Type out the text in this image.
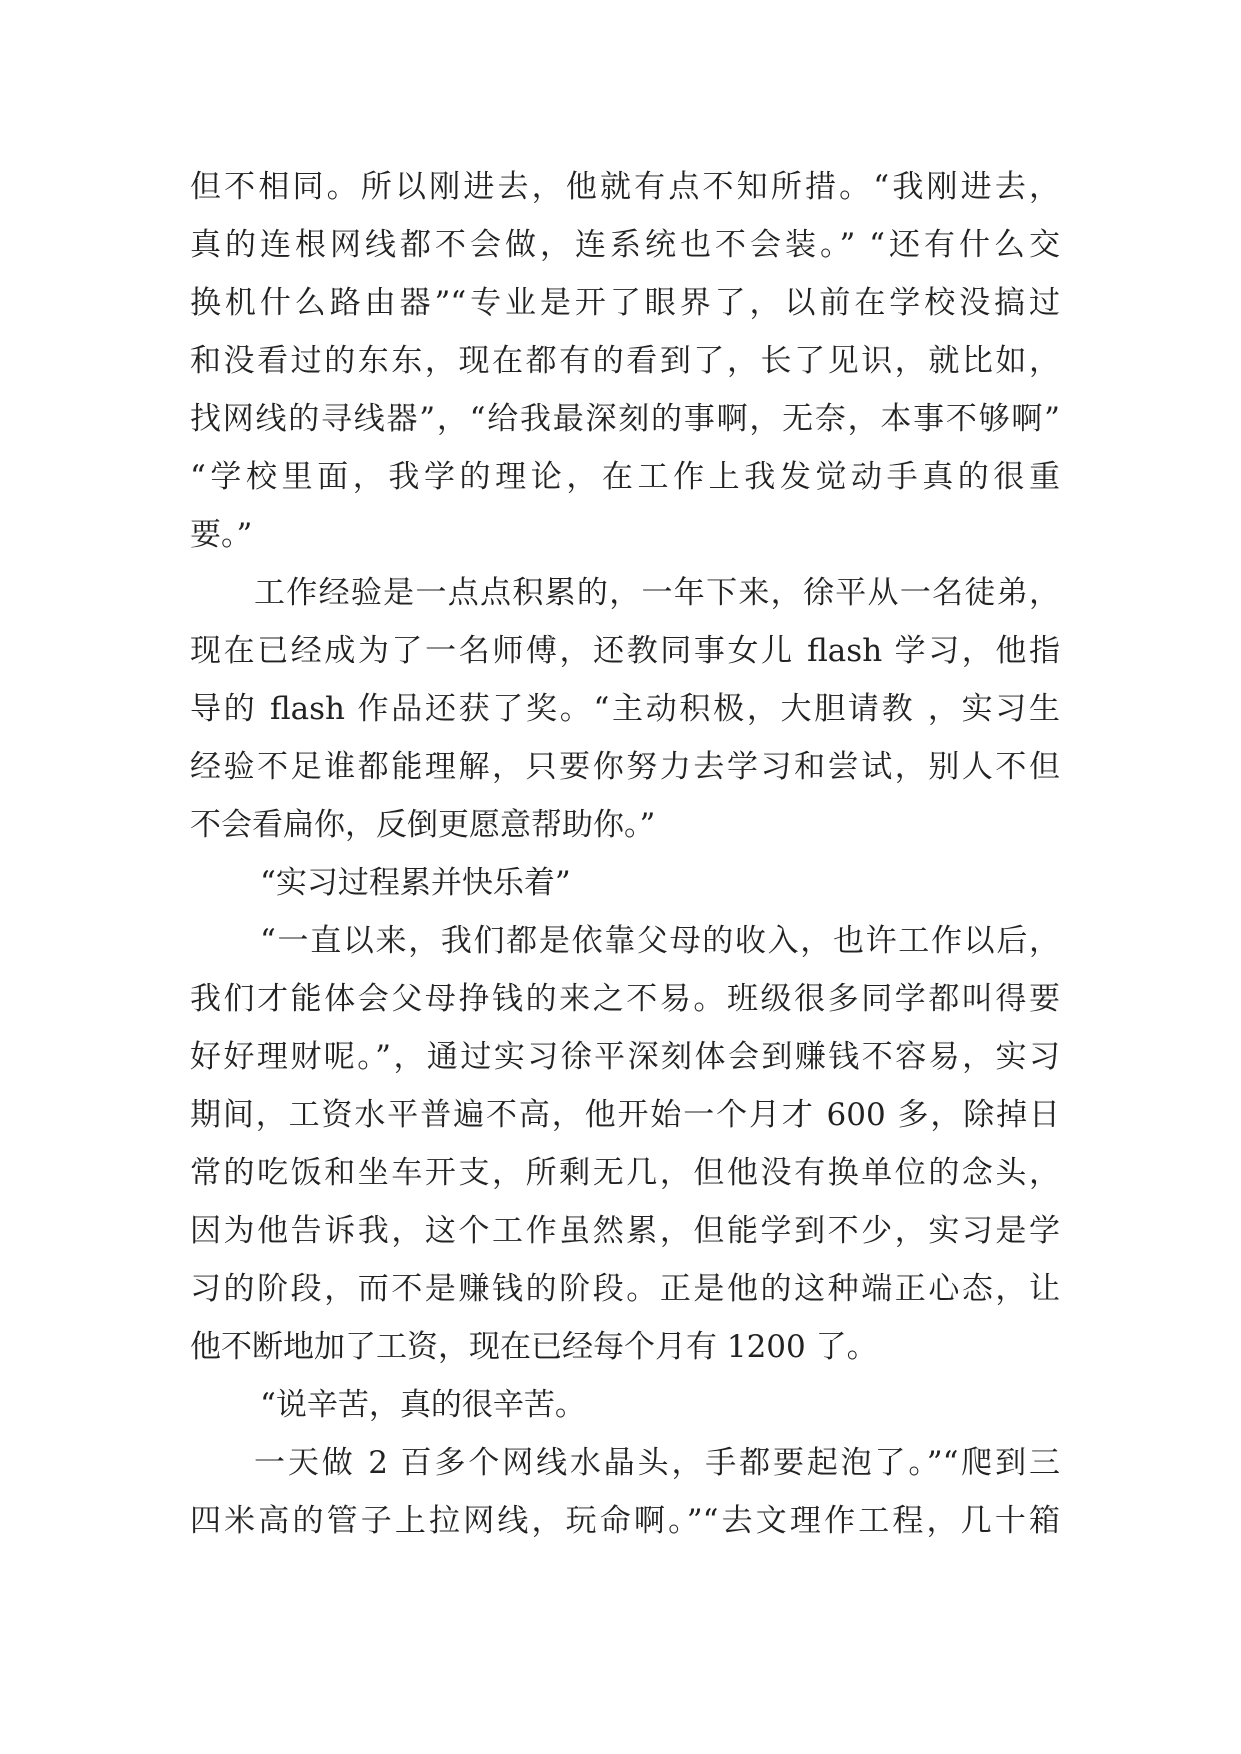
但不相同。所以刚进去，他就有点不知所措。“我刚进去，
真的连根网线都不会做，连系统也不会装。” “还有什么交
换机什么路由器”“专业是开了眼界了，以前在学校没搞过
和没看过的东东，现在都有的看到了，长了见识，就比如，
找网线的寻线器”，“给我最深刻的事啊，无奈，本事不够啊”
“学校里面，我学的理论，在工作上我发觉动手真的很重
要。”
工作经验是一点点积累的，一年下来，徐平从一名徒弟，
现在已经成为了一名师傅，还教同事女儿 flash 学习，他指
导的 flash 作品还获了奖。“主动积极，大胆请教 ，实习生
经验不足谁都能理解，只要你努力去学习和尝试，别人不但
不会看扁你，反倒更愿意帮助你。”
“实习过程累并快乐着”
“一直以来，我们都是依靠父母的收入，也许工作以后，
我们才能体会父母挣钱的来之不易。班级很多同学都叫得要
好好理财呢。”，通过实习徐平深刻体会到赚钱不容易，实习
期间，工资水平普遍不高，他开始一个月才 600 多，除掉日
常的吃饭和坐车开支，所剩无几，但他没有换单位的念头，
因为他告诉我，这个工作虽然累，但能学到不少，实习是学
习的阶段，而不是赚钱的阶段。正是他的这种端正心态，让
他不断地加了工资，现在已经每个月有 1200 了。
“说辛苦，真的很辛苦。
一天做 2 百多个网线水晶头，手都要起泡了。”“爬到三
四米高的管子上拉网线，玩命啊。”“去文理作工程，几十箱
